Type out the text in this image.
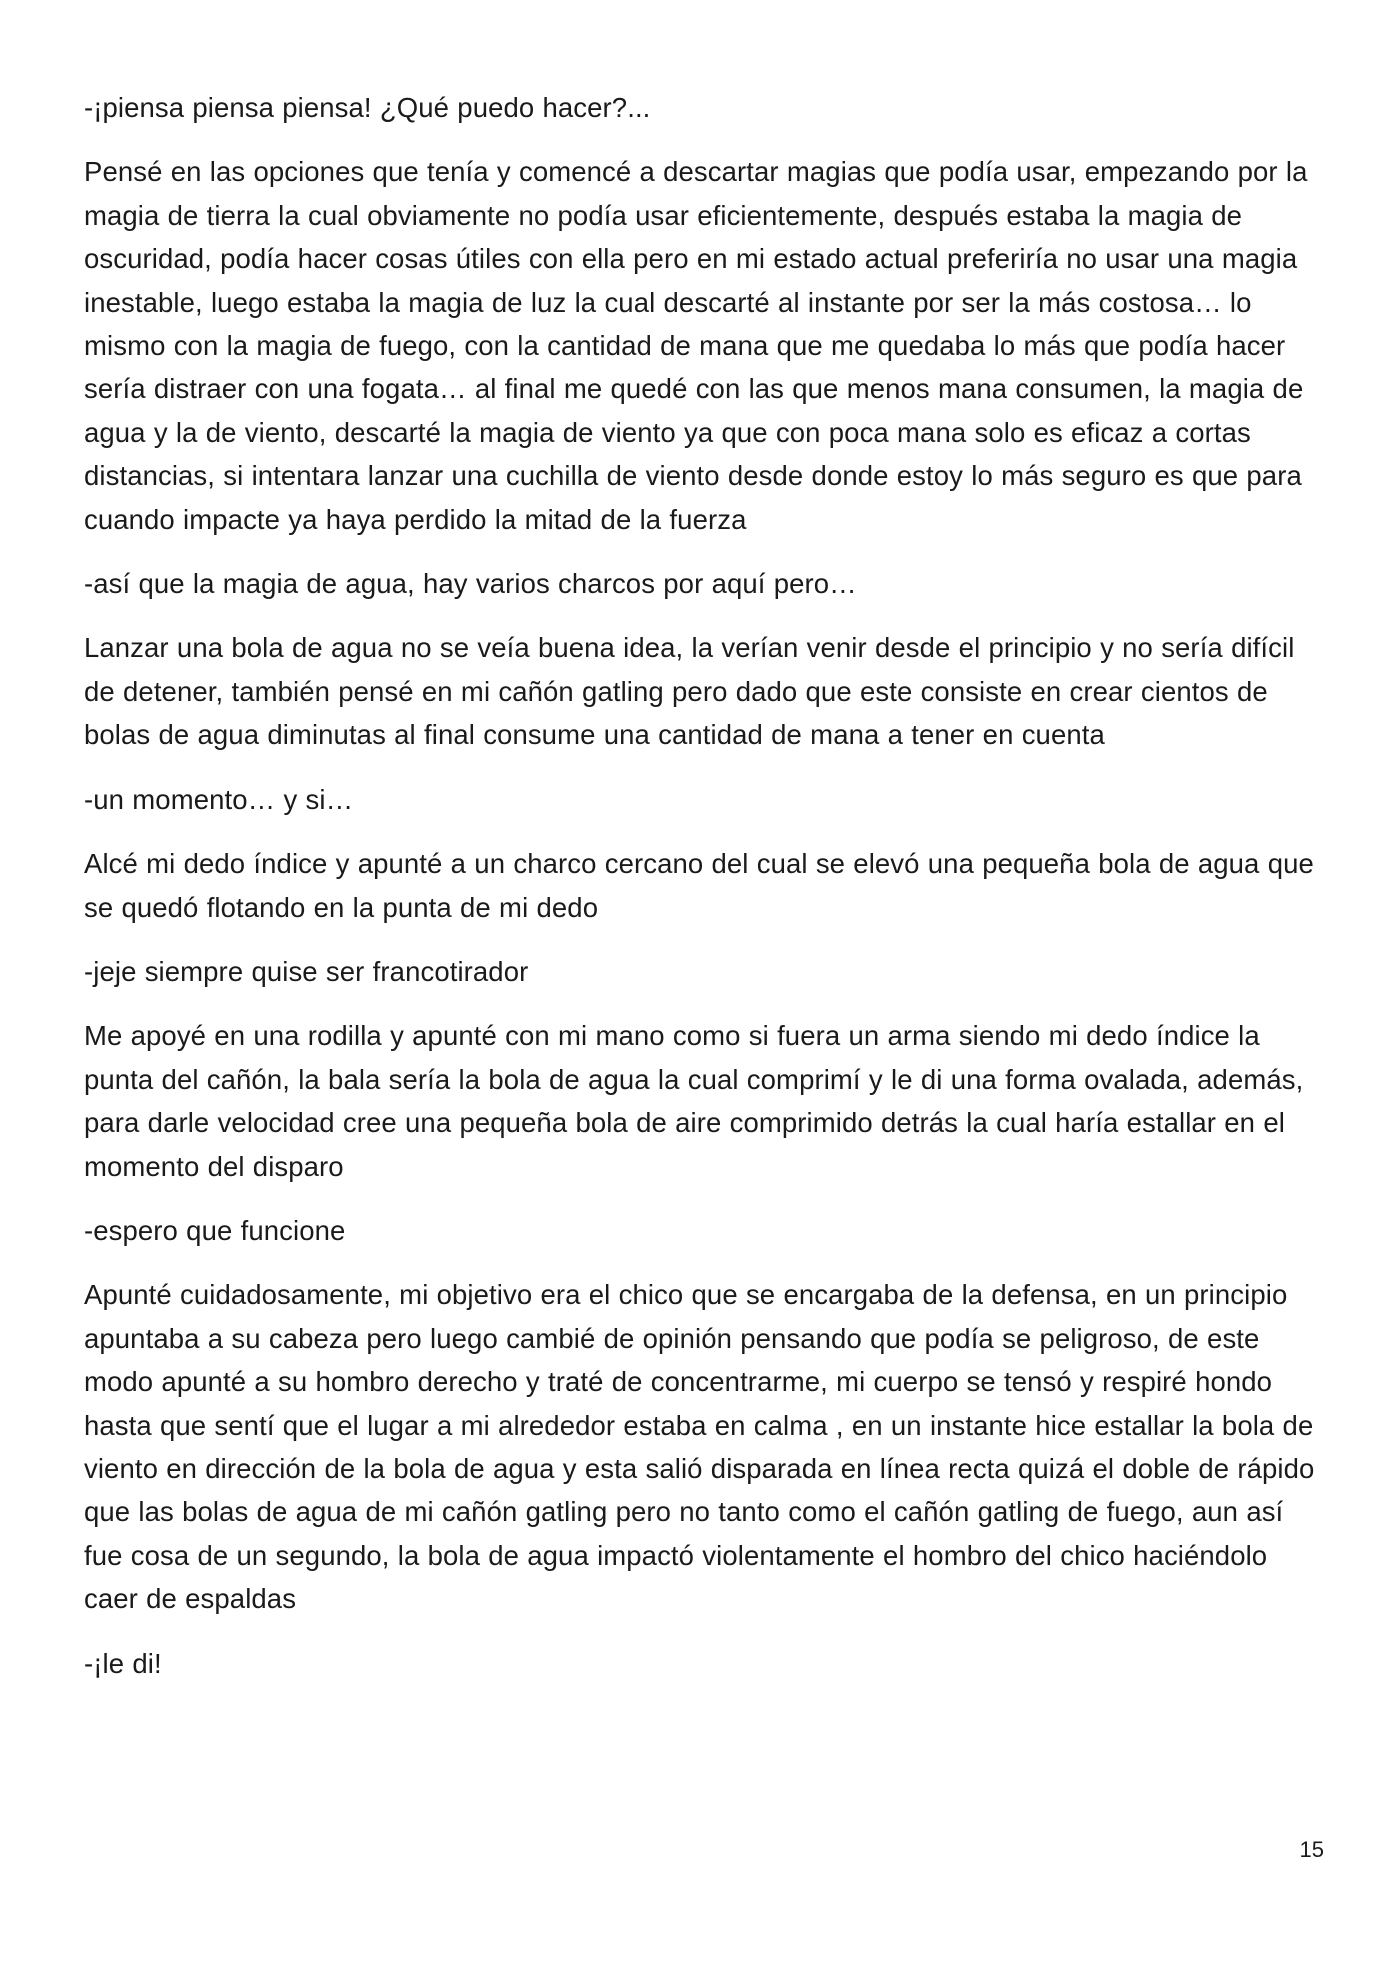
-¡piensa piensa piensa! ¿Qué puedo hacer?...

Pensé en las opciones que tenía y comencé a descartar magias que podía usar, empezando por la magia de tierra la cual obviamente no podía usar eficientemente, después estaba la magia de oscuridad, podía hacer cosas útiles con ella pero en mi estado actual preferiría no usar una magia inestable, luego estaba la magia de luz la cual descarté al instante por ser la más costosa… lo mismo con la magia de fuego, con la cantidad de mana que me quedaba lo más que podía hacer sería distraer con una fogata… al final me quedé con las que menos mana consumen, la magia de agua y la de viento, descarté la magia de viento ya que con poca mana solo es eficaz a cortas distancias, si intentara lanzar una cuchilla de viento desde donde estoy lo más seguro es que para cuando impacte ya haya perdido la mitad de la fuerza

-así que la magia de agua, hay varios charcos por aquí pero…

Lanzar una bola de agua no se veía buena idea, la verían venir desde el principio y no sería difícil de detener, también pensé en mi cañón gatling pero dado que este consiste en crear cientos de bolas de agua diminutas al final consume una cantidad de mana a tener en cuenta

-un momento… y si…

Alcé mi dedo índice y apunté a un charco cercano del cual se elevó una pequeña bola de agua que se quedó flotando en la punta de mi dedo

-jeje siempre quise ser francotirador

Me apoyé en una rodilla y apunté con mi mano como si fuera un arma siendo mi dedo índice la punta del cañón, la bala sería la bola de agua la cual comprimí y le di una forma ovalada, además, para darle velocidad cree una pequeña bola de aire comprimido detrás la cual haría estallar en el momento del disparo

-espero que funcione

Apunté cuidadosamente, mi objetivo era el chico que se encargaba de la defensa, en un principio apuntaba a su cabeza pero luego cambié de opinión pensando que podía se peligroso, de este modo apunté a su hombro derecho y traté de concentrarme, mi cuerpo se tensó y respiré hondo hasta que sentí que el lugar a mi alrededor estaba en calma , en un instante hice estallar la bola de viento en dirección de la bola de agua y esta salió disparada en línea recta quizá el doble de rápido que las bolas de agua de mi cañón gatling pero no tanto como el cañón gatling de fuego, aun así fue cosa de un segundo, la bola de agua impactó violentamente el hombro del chico haciéndolo caer de espaldas

-¡le di!

15
